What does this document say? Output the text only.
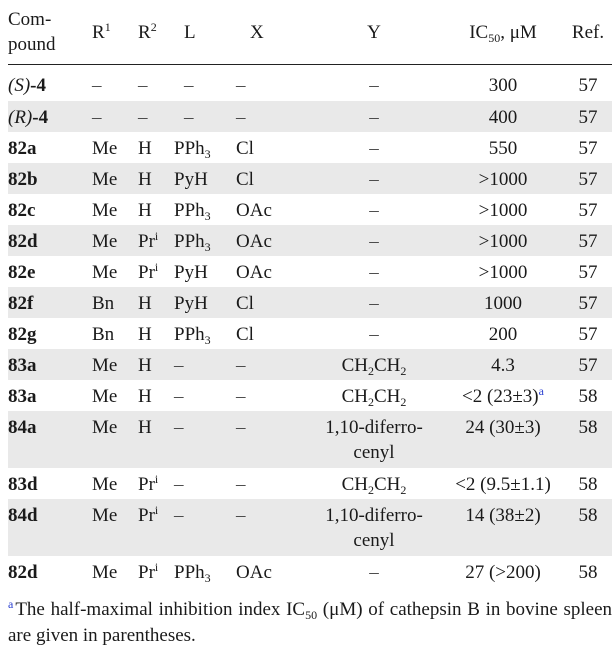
Com-
pound	$R^1$	$R^2$	L	X	Y	$IC_{50}$, μM	Ref.
(S)-4	–	–	–	–	–	300	57
(R)-4	–	–	–	–	–	400	57
82a	Me	H	PPh$_3$	Cl	–	550	57
82b	Me	H	PyH	Cl	–	>1000	57
82c	Me	H	PPh$_3$	OAc	–	>1000	57
82d	Me	Pr$^i$	PPh$_3$	OAc	–	>1000	57
82e	Me	Pr$^i$	PyH	OAc	–	>1000	57
82f	Bn	H	PyH	Cl	–	1000	57
82g	Bn	H	PPh$_3$	Cl	–	200	57
83a	Me	H	–	–	$CH_2CH_2$	4.3	57
83a	Me	H	–	–	$CH_2CH_2$	<2 (23±3)$^a$	58
84a	Me	H	–	–	1,10-diferro-
cenyl	24 (30±3)	58
83d	Me	Pr$^i$	–	–	$CH_2CH_2$	<2 (9.5±1.1)	58
84d	Me	Pr$^i$	–	–	1,10-diferro-
cenyl	14 (38±2)	58
82d	Me	Pr$^i$	PPh$_3$	OAc	–	27 (>200)	58
$^a$ The half-maximal inhibition index $IC_{50}$ (μM) of cathepsin B in bovine spleen are given in parentheses.
